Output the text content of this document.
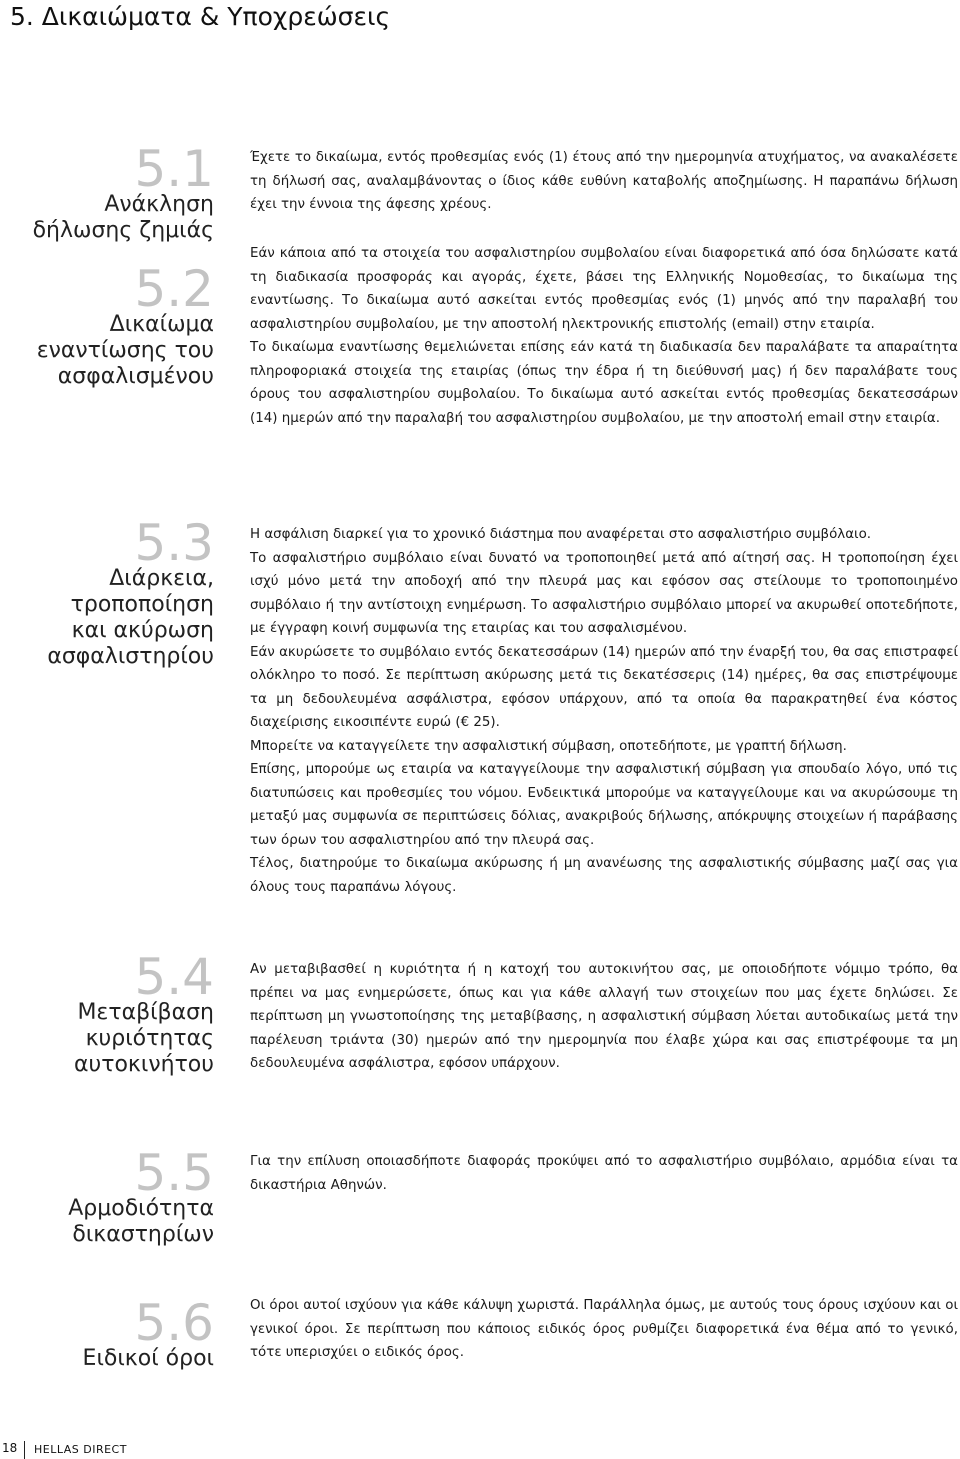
5. Δικαιώματα & Υποχρεώσεις
5.1
Ανάκληση
δήλωσης ζημιάς

Έχετε το δικαίωμα, εντός προθεσμίας ενός (1) έτους από την ημερομηνία ατυχήματος, να ανακαλέσετε τη δήλωσή σας, αναλαμβάνοντας ο ίδιος κάθε ευθύνη καταβολής αποζημίωσης. Η παραπάνω δήλωση έχει την έννοια της άφεσης χρέους.

5.2
Δικαίωμα
εναντίωσης του
ασφαλισμένου

Εάν κάποια από τα στοιχεία του ασφαλιστηρίου συμβολαίου είναι διαφορετικά από όσα δηλώσατε κατά τη διαδικασία προσφοράς και αγοράς, έχετε, βάσει της Ελληνικής Νομοθεσίας, το δικαίωμα της εναντίωσης. Το δικαίωμα αυτό ασκείται εντός προθεσμίας ενός (1) μηνός από την παραλαβή του ασφαλιστηρίου συμβολαίου, με την αποστολή ηλεκτρονικής επιστολής (email) στην εταιρία.

Το δικαίωμα εναντίωσης θεμελιώνεται επίσης εάν κατά τη διαδικασία δεν παραλάβατε τα απαραίτητα πληροφοριακά στοιχεία της εταιρίας (όπως την έδρα ή τη διεύθυνσή μας) ή δεν παραλάβατε τους όρους του ασφαλιστηρίου συμβολαίου. Το δικαίωμα αυτό ασκείται εντός προθεσμίας δεκατεσσάρων (14) ημερών από την παραλαβή του ασφαλιστηρίου συμβολαίου, με την αποστολή email στην εταιρία.

5.3
Διάρκεια,
τροποποίηση
και ακύρωση
ασφαλιστηρίου

Η ασφάλιση διαρκεί για το χρονικό διάστημα που αναφέρεται στο ασφαλιστήριο συμβόλαιο.

Το ασφαλιστήριο συμβόλαιο είναι δυνατό να τροποποιηθεί μετά από αίτησή σας. Η τροποποίηση έχει ισχύ μόνο μετά την αποδοχή από την πλευρά μας και εφόσον σας στείλουμε το τροποποιημένο συμβόλαιο ή την αντίστοιχη ενημέρωση. Το ασφαλιστήριο συμβόλαιο μπορεί να ακυρωθεί οποτεδήποτε, με έγγραφη κοινή συμφωνία της εταιρίας και του ασφαλισμένου.

Εάν ακυρώσετε το συμβόλαιο εντός δεκατεσσάρων (14) ημερών από την έναρξή του, θα σας επιστραφεί ολόκληρο το ποσό. Σε περίπτωση ακύρωσης μετά τις δεκατέσσερις (14) ημέρες, θα σας επιστρέψουμε τα μη δεδουλευμένα ασφάλιστρα, εφόσον υπάρχουν, από τα οποία θα παρακρατηθεί ένα κόστος διαχείρισης εικοσιπέντε ευρώ (€ 25).

Μπορείτε να καταγγείλετε την ασφαλιστική σύμβαση, οποτεδήποτε, με γραπτή δήλωση.

Επίσης, μπορούμε ως εταιρία να καταγγείλουμε την ασφαλιστική σύμβαση για σπουδαίο λόγο, υπό τις διατυπώσεις και προθεσμίες του νόμου. Ενδεικτικά μπορούμε να καταγγείλουμε και να ακυρώσουμε τη μεταξύ μας συμφωνία σε περιπτώσεις δόλιας, ανακριβούς δήλωσης, απόκρυψης στοιχείων ή παράβασης των όρων του ασφαλιστηρίου από την πλευρά σας.

Τέλος, διατηρούμε το δικαίωμα ακύρωσης ή μη ανανέωσης της ασφαλιστικής σύμβασης μαζί σας για όλους τους παραπάνω λόγους.

5.4
Μεταβίβαση
κυριότητας
αυτοκινήτου

Αν μεταβιβασθεί η κυριότητα ή η κατοχή του αυτοκινήτου σας, με οποιοδήποτε νόμιμο τρόπο, θα πρέπει να μας ενημερώσετε, όπως και για κάθε αλλαγή των στοιχείων που μας έχετε δηλώσει. Σε περίπτωση μη γνωστοποίησης της μεταβίβασης, η ασφαλιστική σύμβαση λύεται αυτοδικαίως μετά την παρέλευση τριάντα (30) ημερών από την ημερομηνία που έλαβε χώρα και σας επιστρέφουμε τα μη δεδουλευμένα ασφάλιστρα, εφόσον υπάρχουν.

5.5
Αρμοδιότητα
δικαστηρίων

Για την επίλυση οποιασδήποτε διαφοράς προκύψει από το ασφαλιστήριο συμβόλαιο, αρμόδια είναι τα δικαστήρια Αθηνών.

5.6
Ειδικοί όροι

Οι όροι αυτοί ισχύουν για κάθε κάλυψη χωριστά. Παράλληλα όμως, με αυτούς τους όρους ισχύουν και οι γενικοί όροι. Σε περίπτωση που κάποιος ειδικός όρος ρυθμίζει διαφορετικά ένα θέμα από το γενικό, τότε υπερισχύει ο ειδικός όρος.

18 HELLAS DIRECT
